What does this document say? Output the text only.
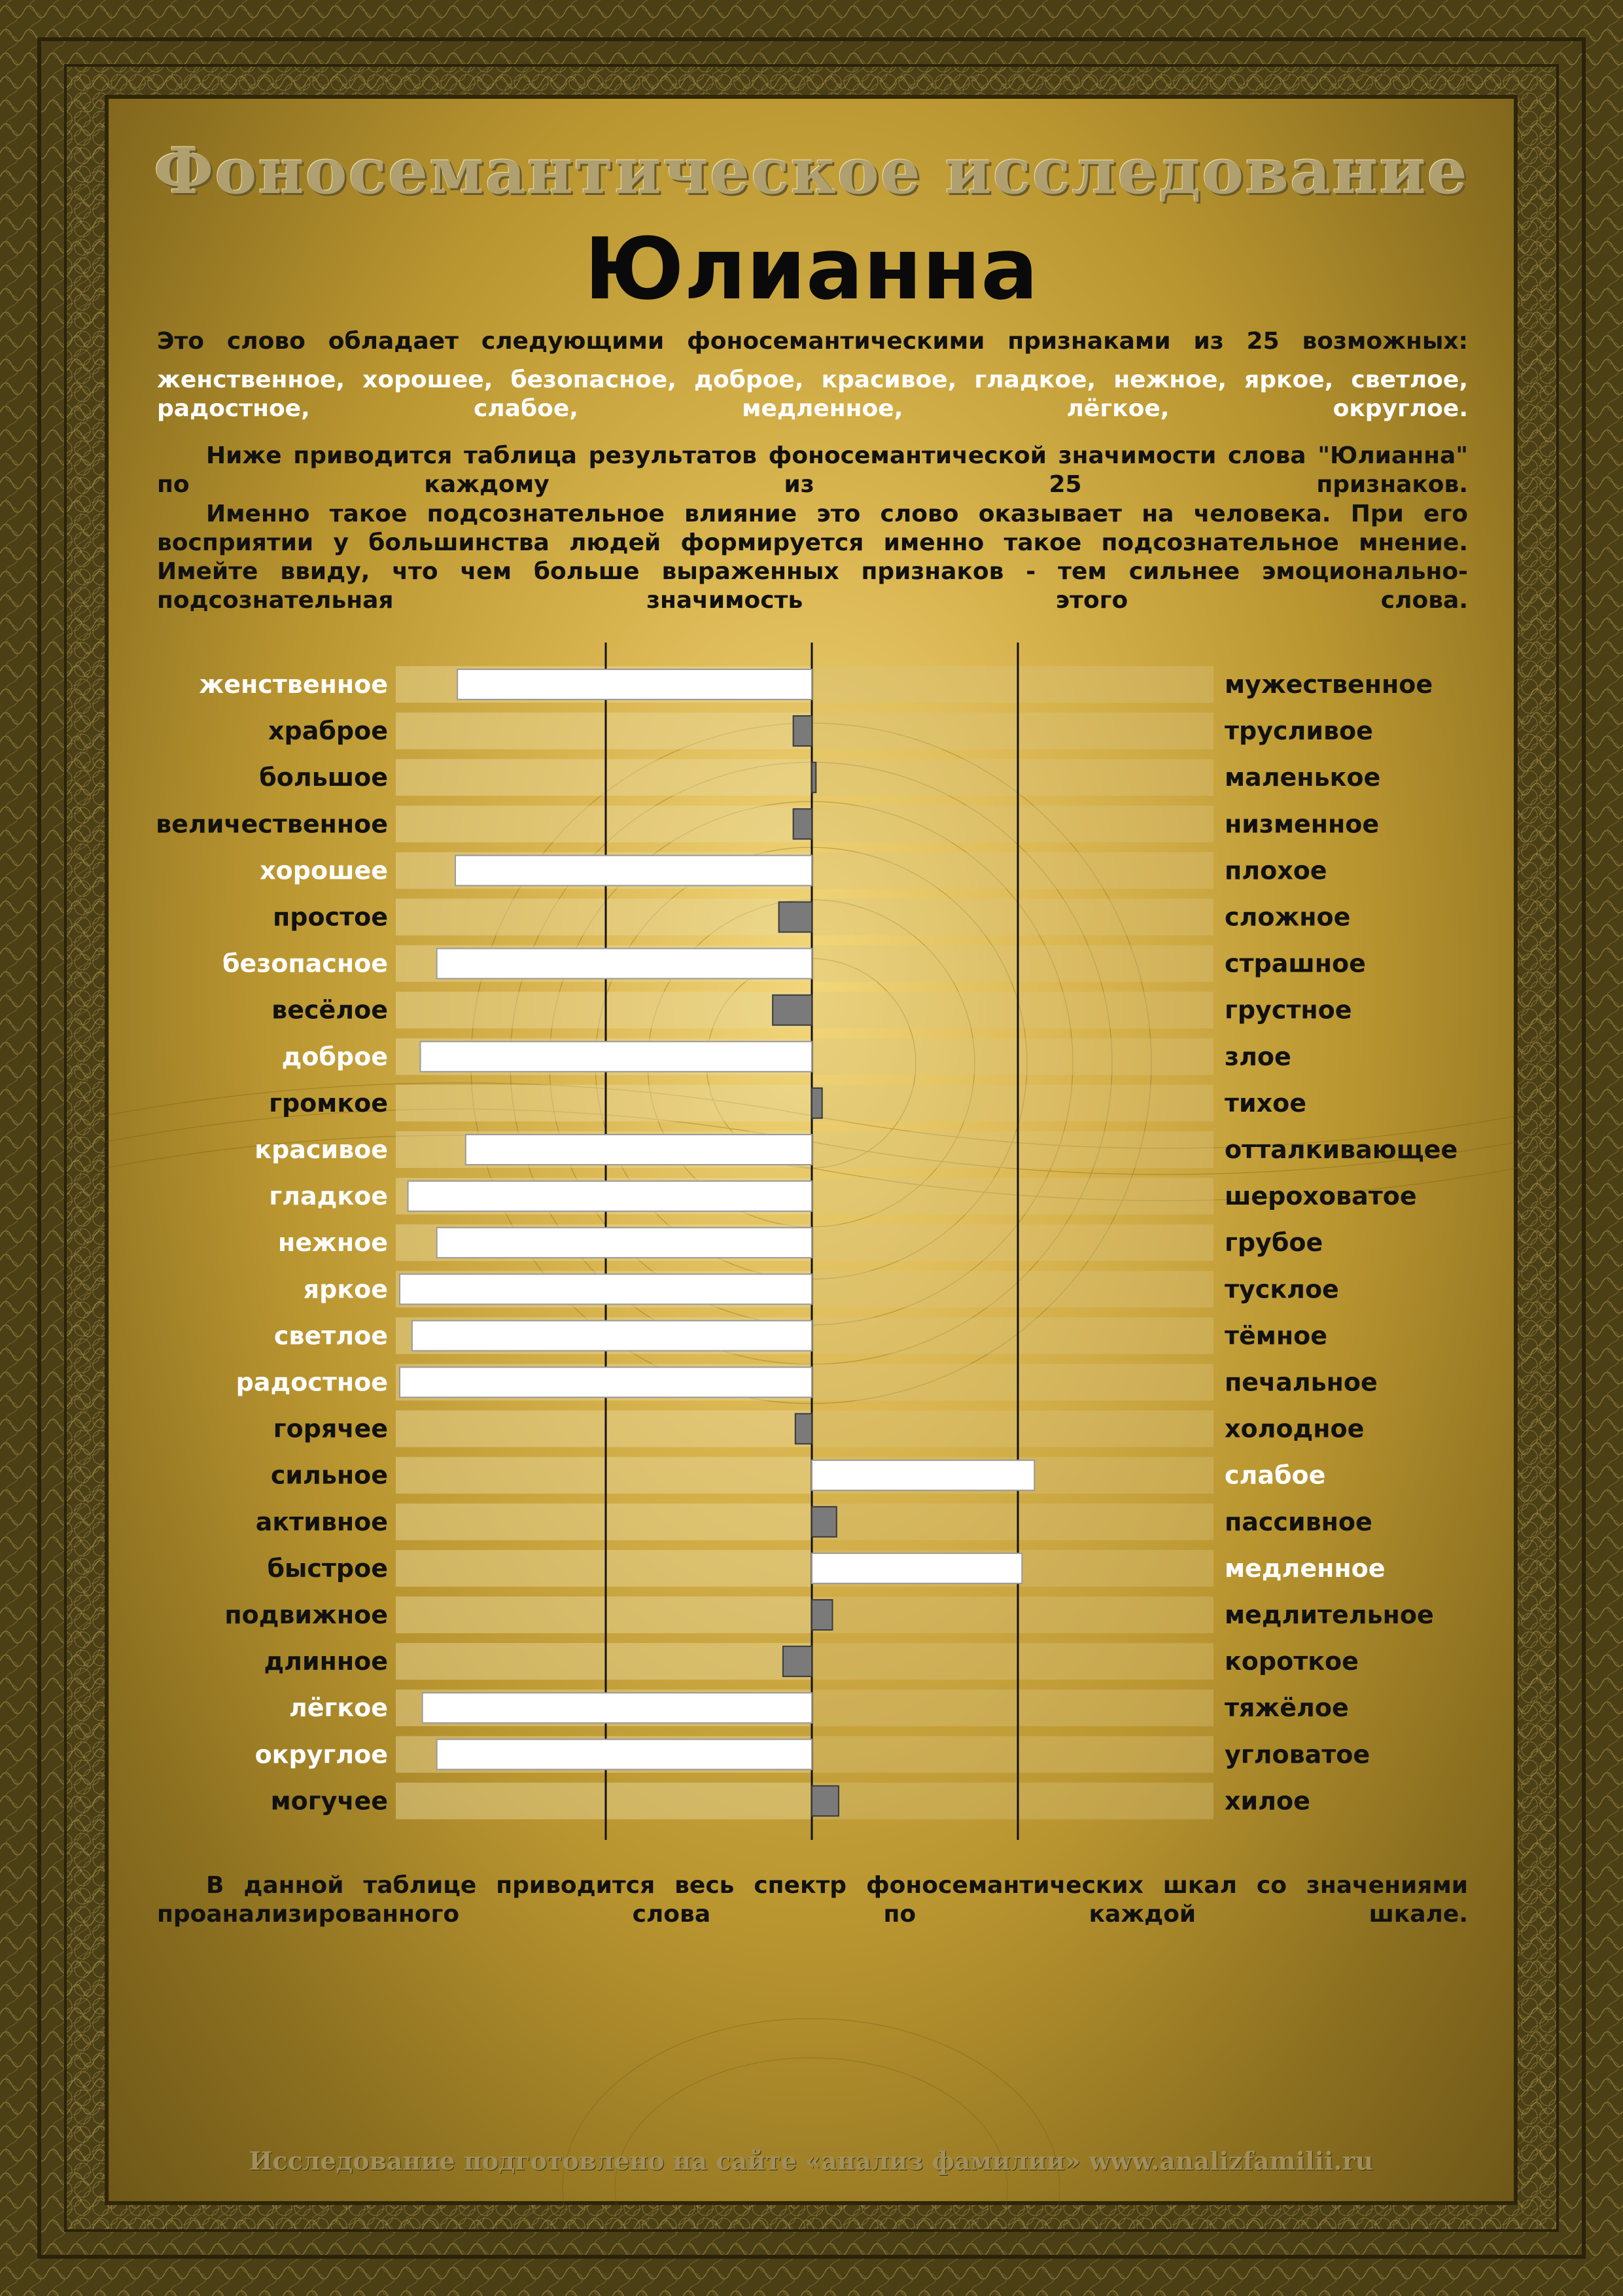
Фоносемантическое исследование
Юлианна
Это слово обладает следующими фоносемантическими признаками из 25 возможных:
женственное, хорошее, безопасное, доброе, красивое, гладкое, нежное, яркое, светлое, радостное, слабое, медленное, лёгкое, округлое.
Ниже приводится таблица результатов фоносемантической значимости слова "Юлианна" по каждому из 25 признаков.
Именно такое подсознательное влияние это слово оказывает на человека. При его восприятии у большинства людей формируется именно такое подсознательное мнение. Имейте ввиду, что чем больше выраженных признаков - тем сильнее эмоционально-подсознательная значимость этого слова.
женственное	мужественное
храброе	трусливое
большое	маленькое
величественное	низменное
хорошее	плохое
простое	сложное
безопасное	страшное
весёлое	грустное
доброе	злое
громкое	тихое
красивое	отталкивающее
гладкое	шероховатое
нежное	грубое
яркое	тусклое
светлое	тёмное
радостное	печальное
горячее	холодное
сильное	слабое
активное	пассивное
быстрое	медленное
подвижное	медлительное
длинное	короткое
лёгкое	тяжёлое
округлое	угловатое
могучее	хилое
В данной таблице приводится весь спектр фоносемантических шкал со значениями проанализированного слова по каждой шкале.
Исследование подготовлено на сайте «анализ фамилии» www.analizfamilii.ru
